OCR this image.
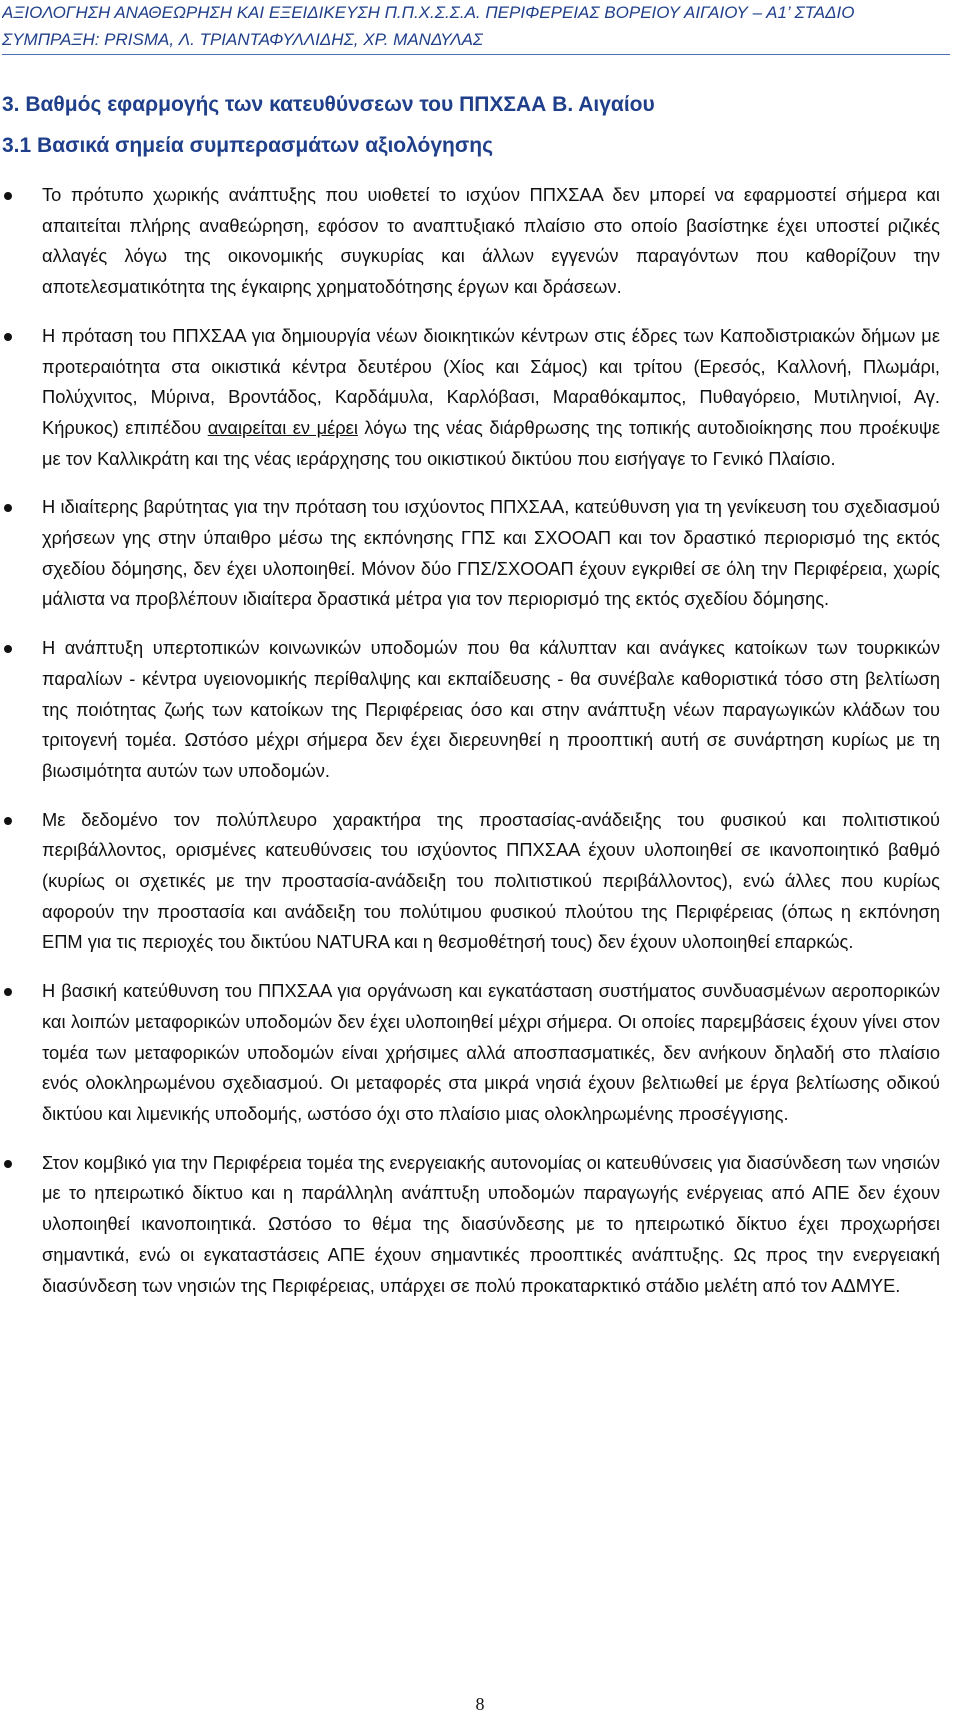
ΑΞΙΟΛΟΓΗΣΗ ΑΝΑΘΕΩΡΗΣΗ ΚΑΙ ΕΞΕΙΔΙΚΕΥΣΗ Π.Π.Χ.Σ.Σ.Α. ΠΕΡΙΦΕΡΕΙΑΣ ΒΟΡΕΙΟΥ ΑΙΓΑΙΟΥ – Α1’ ΣΤΑΔΙΟ
ΣΥΜΠΡΑΞΗ: PRISMA, Λ. ΤΡΙΑΝΤΑΦΥΛΛΙΔΗΣ, ΧΡ. ΜΑΝΔΥΛΑΣ
3. Βαθμός εφαρμογής των κατευθύνσεων του ΠΠΧΣΑΑ Β. Αιγαίου
3.1 Βασικά σημεία συμπερασμάτων αξιολόγησης
Το πρότυπο χωρικής ανάπτυξης που υιοθετεί το ισχύον ΠΠΧΣΑΑ δεν μπορεί να εφαρμοστεί σήμερα και απαιτείται πλήρης αναθεώρηση, εφόσον το αναπτυξιακό πλαίσιο στο οποίο βασίστηκε έχει υποστεί ριζικές αλλαγές λόγω της οικονομικής συγκυρίας και άλλων εγγενών παραγόντων που καθορίζουν την αποτελεσματικότητα της έγκαιρης χρηματοδότησης έργων και δράσεων.
Η πρόταση του ΠΠΧΣΑΑ για δημιουργία νέων διοικητικών κέντρων στις έδρες των Καποδιστριακών δήμων με προτεραιότητα στα οικιστικά κέντρα δευτέρου (Χίος και Σάμος) και τρίτου (Ερεσός, Καλλονή, Πλωμάρι, Πολύχνιτος, Μύρινα, Βροντάδος, Καρδάμυλα, Καρλόβασι, Μαραθόκαμπος, Πυθαγόρειο, Μυτιληνιοί, Αγ. Κήρυκος) επιπέδου αναιρείται εν μέρει λόγω της νέας διάρθρωσης της τοπικής αυτοδιοίκησης που προέκυψε με τον Καλλικράτη και της νέας ιεράρχησης του οικιστικού δικτύου που εισήγαγε το Γενικό Πλαίσιο.
Η ιδιαίτερης βαρύτητας για την πρόταση του ισχύοντος ΠΠΧΣΑΑ, κατεύθυνση για τη γενίκευση του σχεδιασμού χρήσεων γης στην ύπαιθρο μέσω της εκπόνησης ΓΠΣ και ΣΧΟΟΑΠ και τον δραστικό περιορισμό της εκτός σχεδίου δόμησης, δεν έχει υλοποιηθεί. Μόνον δύο ΓΠΣ/ΣΧΟΟΑΠ έχουν εγκριθεί σε όλη την Περιφέρεια, χωρίς μάλιστα να προβλέπουν ιδιαίτερα δραστικά μέτρα για τον περιορισμό της εκτός σχεδίου δόμησης.
Η ανάπτυξη υπερτοπικών κοινωνικών υποδομών που θα κάλυπταν και ανάγκες κατοίκων των τουρκικών παραλίων - κέντρα υγειονομικής περίθαλψης και εκπαίδευσης - θα συνέβαλε καθοριστικά τόσο στη βελτίωση της ποιότητας ζωής των κατοίκων της Περιφέρειας όσο και στην ανάπτυξη νέων παραγωγικών κλάδων του τριτογενή τομέα. Ωστόσο μέχρι σήμερα δεν έχει διερευνηθεί η προοπτική αυτή σε συνάρτηση κυρίως με τη βιωσιμότητα αυτών των υποδομών.
Με δεδομένο τον πολύπλευρο χαρακτήρα της προστασίας-ανάδειξης του φυσικού και πολιτιστικού περιβάλλοντος, ορισμένες κατευθύνσεις του ισχύοντος ΠΠΧΣΑΑ έχουν υλοποιηθεί σε ικανοποιητικό βαθμό (κυρίως οι σχετικές με την προστασία-ανάδειξη του πολιτιστικού περιβάλλοντος), ενώ άλλες που κυρίως αφορούν την προστασία και ανάδειξη του πολύτιμου φυσικού πλούτου της Περιφέρειας (όπως η εκπόνηση ΕΠΜ για τις περιοχές του δικτύου NATURA και η θεσμοθέτησή τους) δεν έχουν υλοποιηθεί επαρκώς.
Η βασική κατεύθυνση του ΠΠΧΣΑΑ για οργάνωση και εγκατάσταση συστήματος συνδυασμένων αεροπορικών και λοιπών μεταφορικών υποδομών δεν έχει υλοποιηθεί μέχρι σήμερα. Οι οποίες παρεμβάσεις έχουν γίνει στον τομέα των μεταφορικών υποδομών είναι χρήσιμες αλλά αποσπασματικές, δεν ανήκουν δηλαδή στο πλαίσιο ενός ολοκληρωμένου σχεδιασμού. Οι μεταφορές στα μικρά νησιά έχουν βελτιωθεί με έργα βελτίωσης οδικού δικτύου και λιμενικής υποδομής, ωστόσο όχι στο πλαίσιο μιας ολοκληρωμένης προσέγγισης.
Στον κομβικό για την Περιφέρεια τομέα της ενεργειακής αυτονομίας οι κατευθύνσεις για διασύνδεση των νησιών με το ηπειρωτικό δίκτυο και η παράλληλη ανάπτυξη υποδομών παραγωγής ενέργειας από ΑΠΕ δεν έχουν υλοποιηθεί ικανοποιητικά. Ωστόσο το θέμα της διασύνδεσης με το ηπειρωτικό δίκτυο έχει προχωρήσει σημαντικά, ενώ οι εγκαταστάσεις ΑΠΕ έχουν σημαντικές προοπτικές ανάπτυξης. Ως προς την ενεργειακή διασύνδεση των νησιών της Περιφέρειας, υπάρχει σε πολύ προκαταρκτικό στάδιο μελέτη από τον ΑΔΜΥΕ.
8
